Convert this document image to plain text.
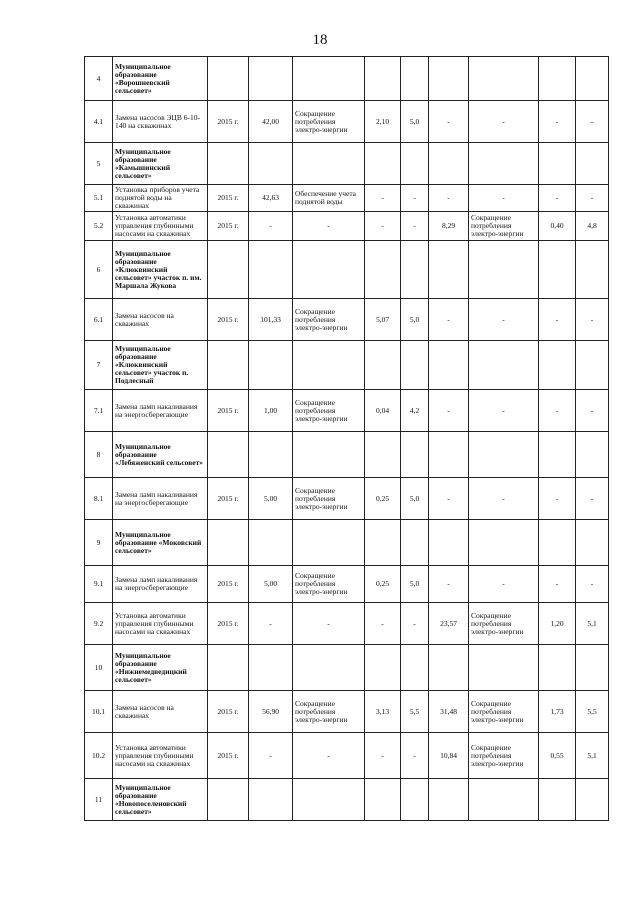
18
4	Муниципальное образование «Ворошневский сельсовет»									
4.1	Замена насосов ЭЦВ 6-10-140 на скважинах	2015 г.	42,00	Сокращение потребления электро-энергии	2,10	5,0	-	-	-	-
5	Муниципальное образование «Камышинский сельсовет»									
5.1	Установка приборов учета поднятой воды на скважинах	2015 г.	42,63	Обеспечение учета поднятой воды	-	-	-	-	-	-
5.2	Установка автоматики управления глубинными насосами на скважинах	2015 г.	-	-	-	-	8,29	Сокращение потребления электро-энергии	0,40	4,8
6	Муниципальное образование «Клюквинский сельсовет» участок п. им. Маршала Жукова									
6.1	Замена насосов на скважинах	2015 г.	101,33	Сокращение потребления электро-энергии	5,07	5,0	-	-	-	-
7	Муниципальное образование «Клюквинский сельсовет» участок п. Подлесный									
7.1	Замена ламп накаливания на энергосберегающие	2015 г.	1,00	Сокращение потребления электро-энергии	0,04	4,2	-	-	-	-
8	Муниципальное образование «Лебяженский сельсовет»									
8.1	Замена ламп накаливания на энергосберегающие	2015 г.	5,00	Сокращение потребления электро-энергии	0,25	5,0	-	-	-	-
9	Муниципальное образование «Моковский сельсовет»									
9.1	Замена ламп накаливания на энергосберегающие	2015 г.	5,00	Сокращение потребления электро-энергии	0,25	5,0	-	-	-	-
9.2	Установка автоматики управления глубинными насосами на скважинах	2015 г.	-	-	-	-	23,57	Сокращение потребления электро-энергии	1,20	5,1
10	Муниципальное образование «Нижнемедведицкий сельсовет»									
10.1	Замена насосов на скважинах	2015 г.	56,90	Сокращение потребления электро-энергии	3,13	5,5	31,48	Сокращение потребления электро-энергии	1,73	5,5
10.2	Установка автоматики управления глубинными насосами на скважинах	2015 г.	-	-	-	-	10,84	Сокращение потребления электро-энергии	0,55	5,1
11	Муниципальное образование «Новопоселеновский сельсовет»									
